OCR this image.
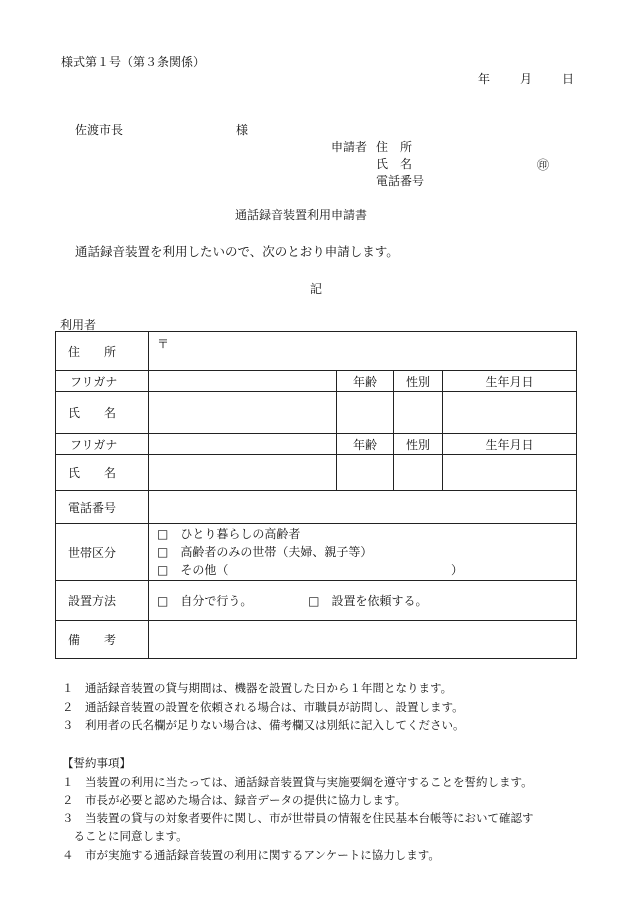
様式第１号（第３条関係）
年	月	日
佐渡市長	様
申請者 住　所
氏　名	㊞
電話番号
通話録音装置利用申請書
通話録音装置を利用したいので、次のとおり申請します。
記
利用者
住　　所	〒			
フリガナ		年齢	性別	生年月日
氏　　名				
フリガナ		年齢	性別	生年月日
氏　　名				
電話番号				
世帯区分	□　ひとり暮らしの高齢者
□　高齢者のみの世帯（夫婦、親子等）
□　その他（ ）			

設置方法	□　自分で行う。 □　設置を依頼する。			
備　　考				
１　通話録音装置の貸与期間は、機器を設置した日から１年間となります。
２　通話録音装置の設置を依頼される場合は、市職員が訪問し、設置します。
３　利用者の氏名欄が足りない場合は、備考欄又は別紙に記入してください。
【誓約事項】
１　当装置の利用に当たっては、通話録音装置貸与実施要綱を遵守することを誓約します。
２　市長が必要と認めた場合は、録音データの提供に協力します。
３　当装置の貸与の対象者要件に関し、市が世帯員の情報を住民基本台帳等において確認す
　ることに同意します。
４　市が実施する通話録音装置の利用に関するアンケートに協力します。
